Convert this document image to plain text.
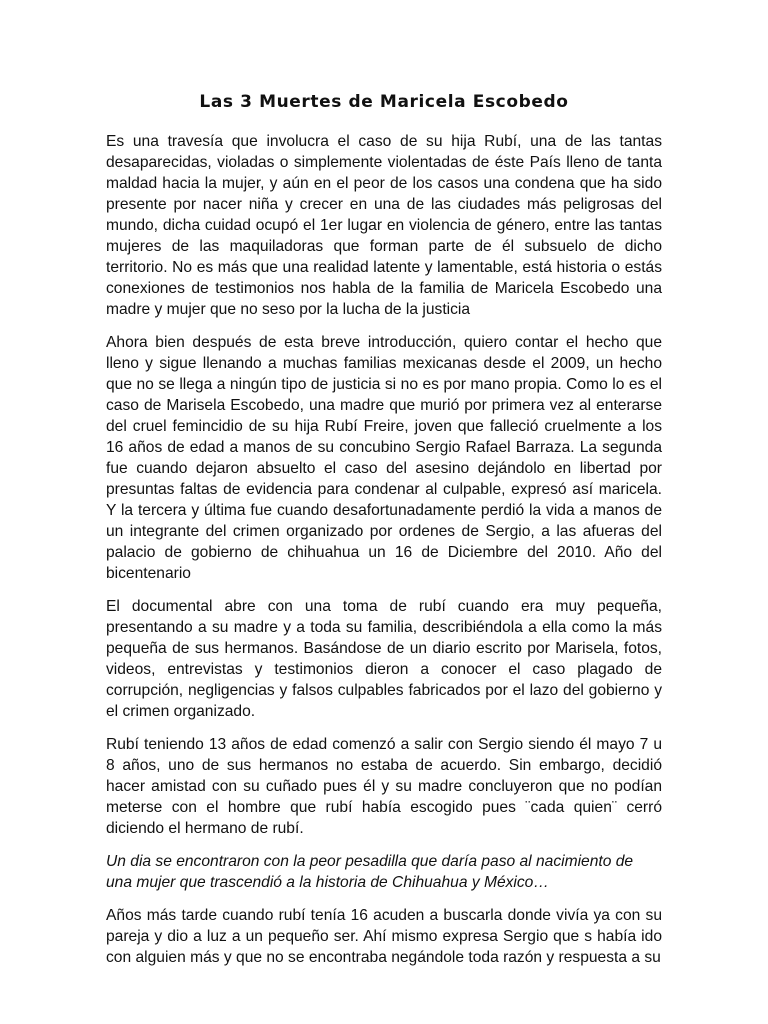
Las 3 Muertes de Maricela Escobedo

Es una travesía que involucra el caso de su hija Rubí, una de las tantas desaparecidas, violadas o simplemente violentadas de éste País lleno de tanta maldad hacia la mujer, y aún en el peor de los casos una condena que ha sido presente por nacer niña y crecer en una de las ciudades más peligrosas del mundo, dicha cuidad ocupó el 1er lugar en violencia de género, entre las tantas mujeres de las maquiladoras que forman parte de él subsuelo de dicho territorio. No es más que una realidad latente y lamentable, está historia o estás conexiones de testimonios nos habla de la familia de Maricela Escobedo una madre y mujer que no seso por la lucha de la justicia

Ahora bien después de esta breve introducción, quiero contar el hecho que lleno y sigue llenando a muchas familias mexicanas desde el 2009, un hecho que no se llega a ningún tipo de justicia si no es por mano propia. Como lo es el caso de Marisela Escobedo, una madre que murió por primera vez al enterarse del cruel femincidio de su hija Rubí Freire, joven que falleció cruelmente a los 16 años de edad a manos de su concubino Sergio Rafael Barraza. La segunda fue cuando dejaron absuelto el caso del asesino dejándolo en libertad por presuntas faltas de evidencia para condenar al culpable, expresó así maricela. Y la tercera y última fue cuando desafortunadamente perdió la vida a manos de un integrante del crimen organizado por ordenes de Sergio, a las afueras del palacio de gobierno de chihuahua un 16 de Diciembre del 2010. Año del bicentenario

El documental abre con una toma de rubí cuando era muy pequeña, presentando a su madre y a toda su familia, describiéndola a ella como la más pequeña de sus hermanos. Basándose de un diario escrito por Marisela, fotos, videos, entrevistas y testimonios dieron a conocer el caso plagado de corrupción, negligencias y falsos culpables fabricados por el lazo del gobierno y el crimen organizado.

Rubí teniendo 13 años de edad comenzó a salir con Sergio siendo él mayo 7 u 8 años, uno de sus hermanos no estaba de acuerdo. Sin embargo, decidió hacer amistad con su cuñado pues él y su madre concluyeron que no podían meterse con el hombre que rubí había escogido pues ¨cada quien¨ cerró diciendo el hermano de rubí.

Un dia se encontraron con la peor pesadilla que daría paso al nacimiento de una mujer que trascendió a la historia de Chihuahua y México…

Años más tarde cuando rubí tenía 16 acuden a buscarla donde vivía ya con su pareja y dio a luz a un pequeño ser. Ahí mismo expresa Sergio que s había ido con alguien más y que no se encontraba negándole toda razón y respuesta a su
